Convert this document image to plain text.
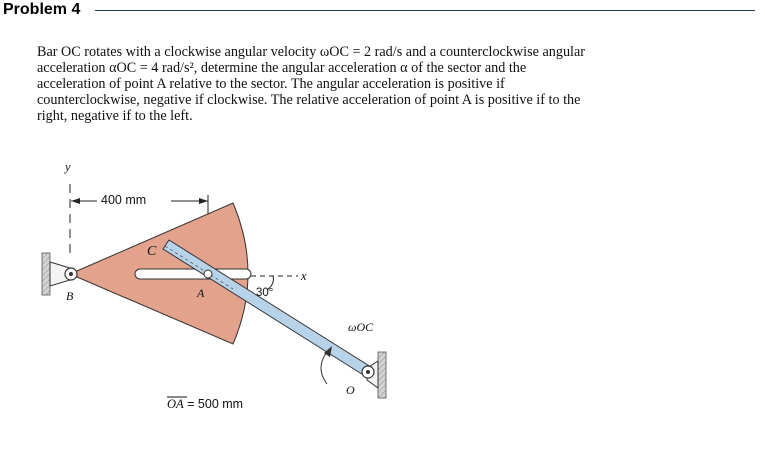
Problem 4
Bar OC rotates with a clockwise angular velocity ωOC = 2 rad/s and a counterclockwise angular
acceleration αOC = 4 rad/s², determine the angular acceleration α of the sector and the
acceleration of point A relative to the sector. The angular acceleration is positive if
counterclockwise, negative if clockwise. The relative acceleration of point A is positive if to the
right, negative if to the left.
y
400 mm
C
A
B
x
30°
ωOC
O
OA = 500 mm
